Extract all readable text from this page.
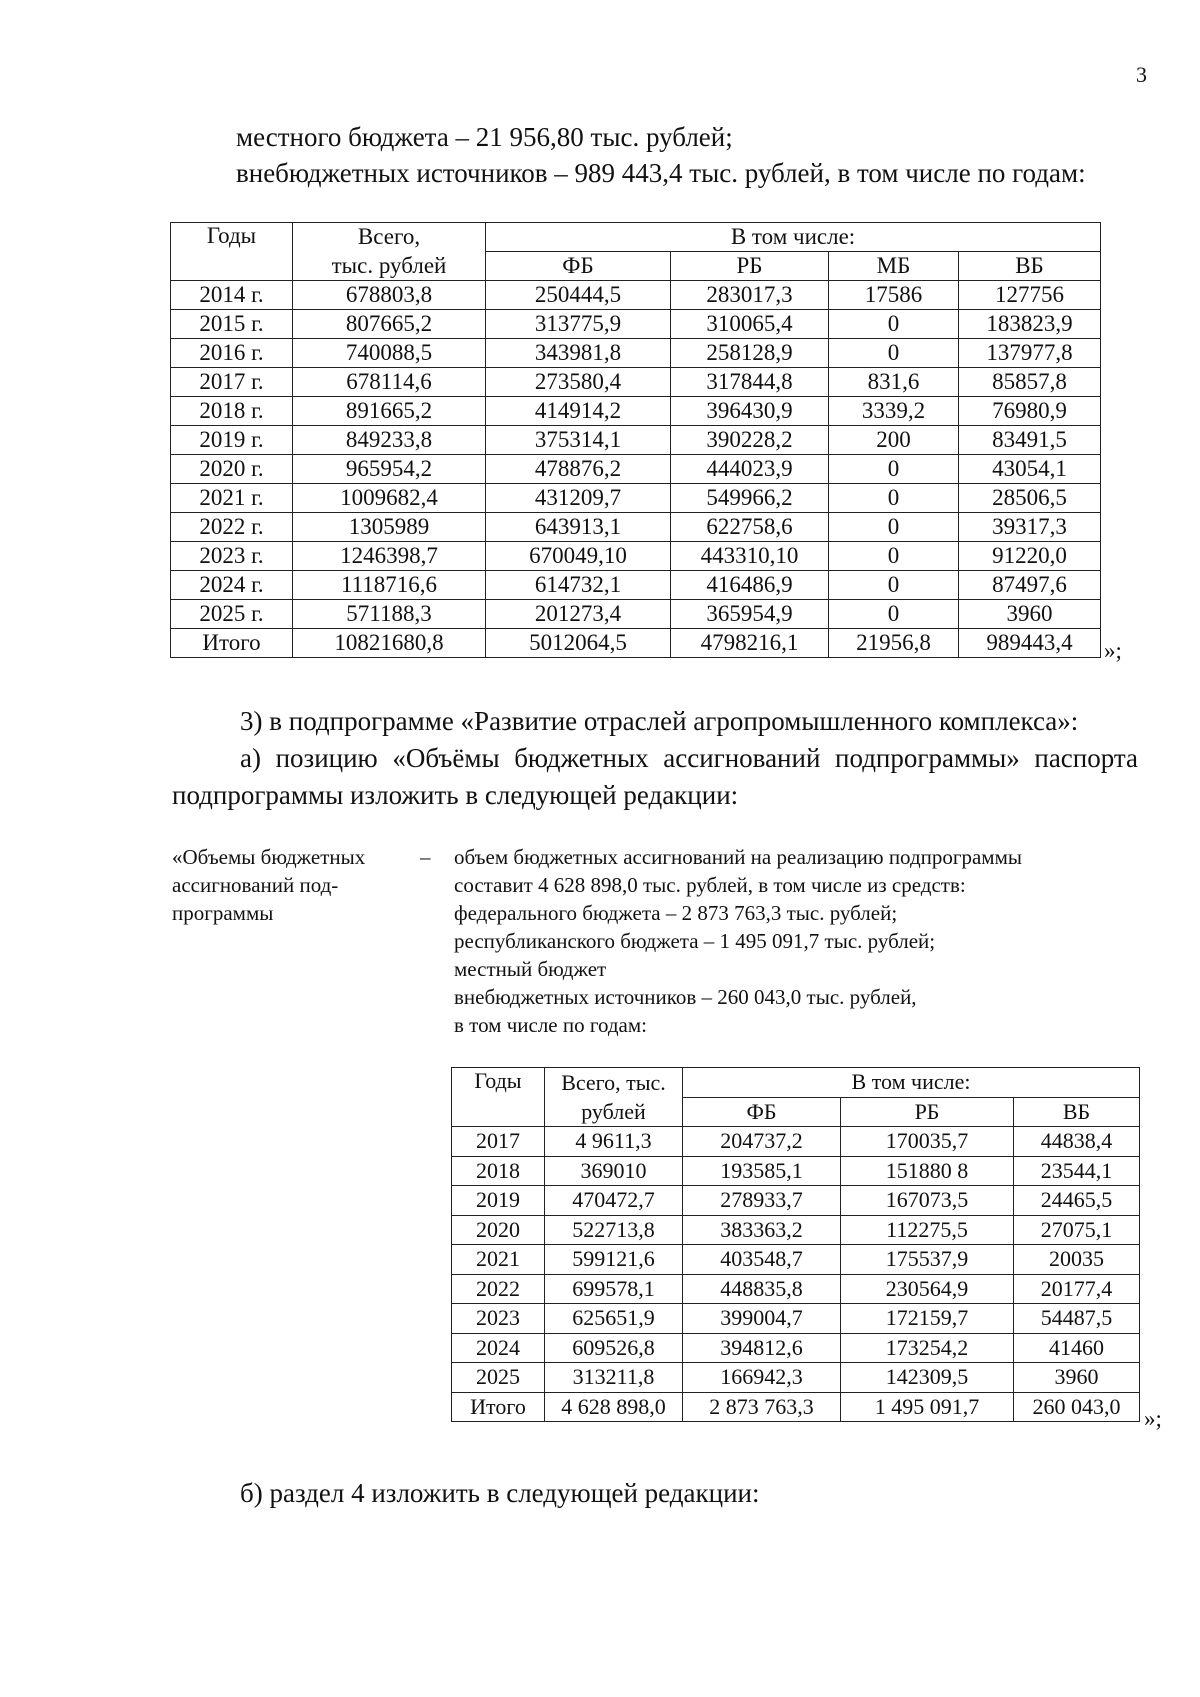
3
местного бюджета – 21 956,80 тыс. рублей;
внебюджетных источников – 989 443,4 тыс. рублей, в том числе по годам:
Годы	Всего,	В том числе:			
	тыс. рублей	ФБ	РБ	МБ	ВБ
2014 г.	678803,8	250444,5	283017,3	17586	127756
2015 г.	807665,2	313775,9	310065,4	0	183823,9
2016 г.	740088,5	343981,8	258128,9	0	137977,8
2017 г.	678114,6	273580,4	317844,8	831,6	85857,8
2018 г.	891665,2	414914,2	396430,9	3339,2	76980,9
2019 г.	849233,8	375314,1	390228,2	200	83491,5
2020 г.	965954,2	478876,2	444023,9	0	43054,1
2021 г.	1009682,4	431209,7	549966,2	0	28506,5
2022 г.	1305989	643913,1	622758,6	0	39317,3
2023 г.	1246398,7	670049,10	443310,10	0	91220,0
2024 г.	1118716,6	614732,1	416486,9	0	87497,6
2025 г.	571188,3	201273,4	365954,9	0	3960
Итого	10821680,8	5012064,5	4798216,1	21956,8	989443,4 »;
3) в подпрограмме «Развитие отраслей агропромышленного комплекса»:
а) позицию «Объёмы бюджетных ассигнований подпрограммы» паспорта
подпрограммы изложить в следующей редакции:
«Объемы бюджетных
ассигнований под-
программы
– объем бюджетных ассигнований на реализацию подпрограммы
составит 4 628 898,0 тыс. рублей, в том числе из средств:
федерального бюджета – 2 873 763,3 тыс. рублей;
республиканского бюджета – 1 495 091,7 тыс. рублей;
местный бюджет
внебюджетных источников – 260 043,0 тыс. рублей,
в том числе по годам:
Годы	Всего, тыс.	В том числе:		
	рублей	ФБ	РБ	ВБ
2017	4 9611,3	204737,2	170035,7	44838,4
2018	369010	193585,1	151880 8	23544,1
2019	470472,7	278933,7	167073,5	24465,5
2020	522713,8	383363,2	112275,5	27075,1
2021	599121,6	403548,7	175537,9	20035
2022	699578,1	448835,8	230564,9	20177,4
2023	625651,9	399004,7	172159,7	54487,5
2024	609526,8	394812,6	173254,2	41460
2025	313211,8	166942,3	142309,5	3960
Итого	4 628 898,0	2 873 763,3	1 495 091,7	260 043,0 »;
б) раздел 4 изложить в следующей редакции:
